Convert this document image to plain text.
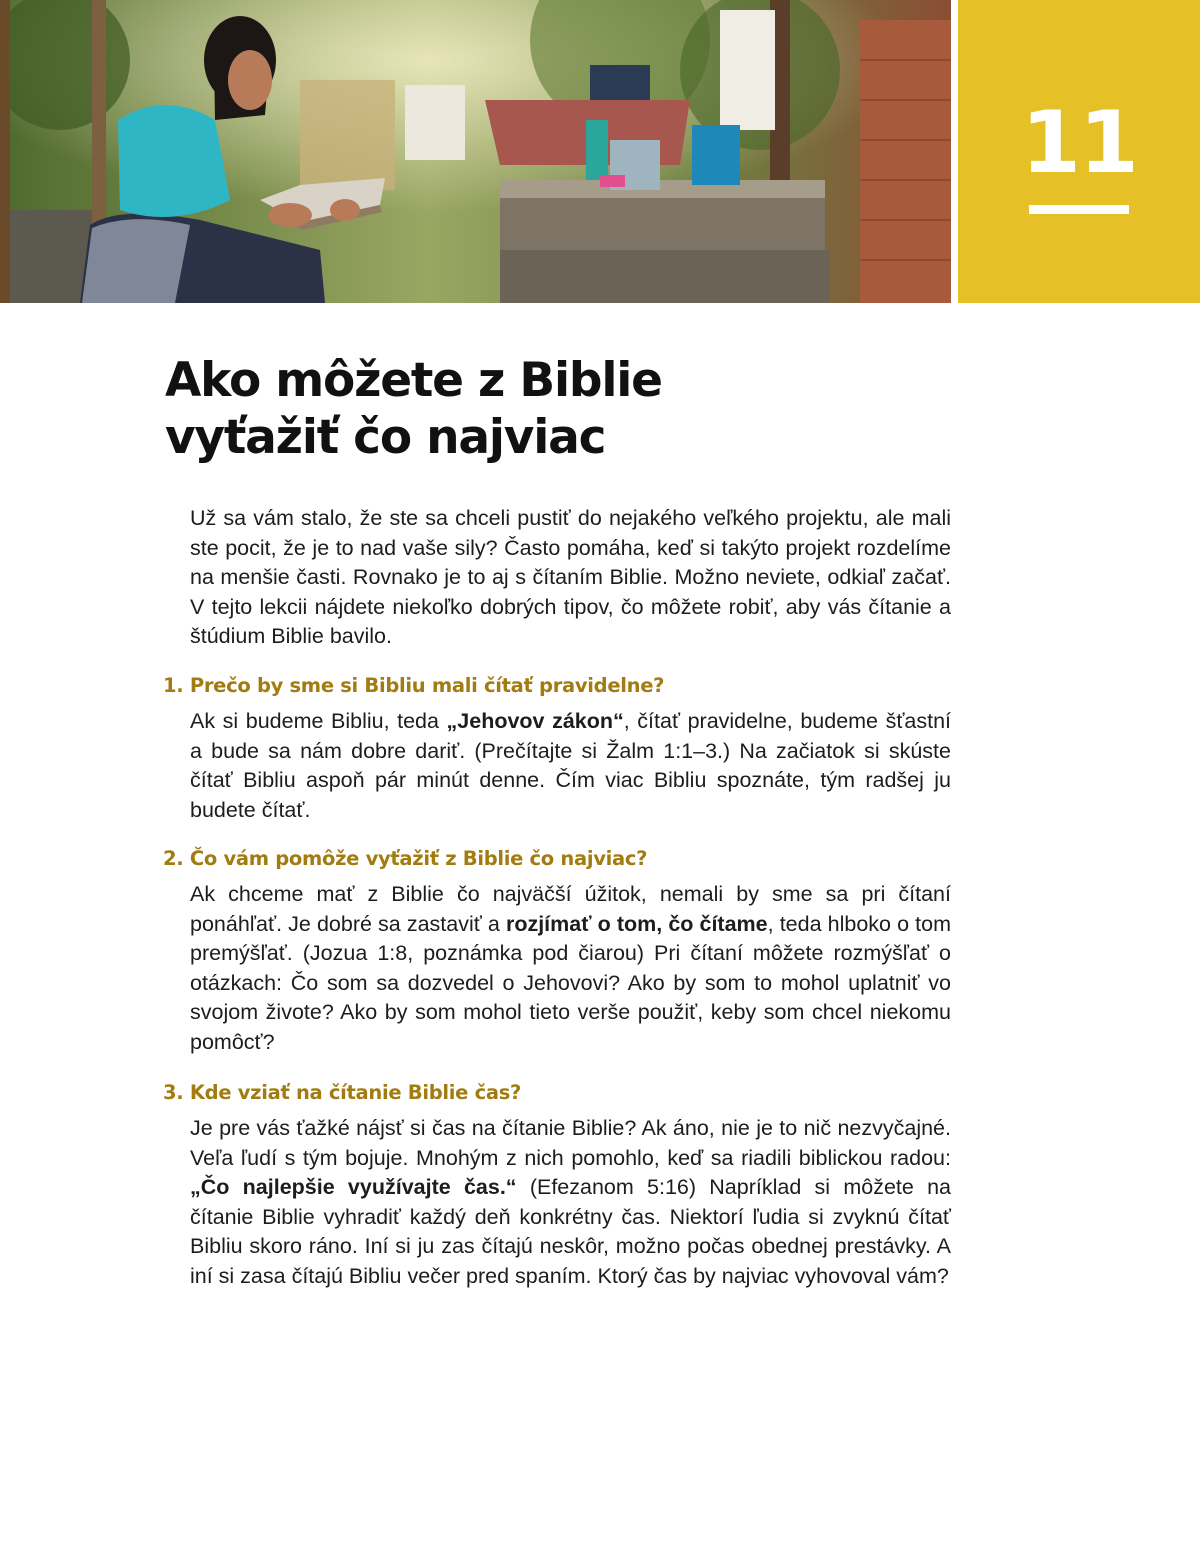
11
Ako môžete z Biblie
vyťažiť čo najviac

Už sa vám stalo, že ste sa chceli pustiť do nejakého veľkého projektu, ale mali ste pocit, že je to nad vaše sily? Často pomáha, keď si takýto projekt rozdelíme na menšie časti. Rovnako je to aj s čítaním Biblie. Možno neviete, odkiaľ začať. V tejto lekcii nájdete niekoľko dobrých tipov, čo môžete robiť, aby vás čítanie a štúdium Biblie bavilo.

1. Prečo by sme si Bibliu mali čítať pravidelne?

Ak si budeme Bibliu, teda „Jehovov zákon“, čítať pravidelne, budeme šťastní a bude sa nám dobre dariť. (Prečítajte si Žalm 1:1–3.) Na začiatok si skúste čítať Bibliu aspoň pár minút denne. Čím viac Bibliu spoznáte, tým radšej ju budete čítať.

2. Čo vám pomôže vyťažiť z Biblie čo najviac?

Ak chceme mať z Biblie čo najväčší úžitok, nemali by sme sa pri čítaní ponáhľať. Je dobré sa zastaviť a rozjímať o tom, čo čítame, teda hlboko o tom premýšľať. (Jozua 1:8, poznámka pod čiarou) Pri čítaní môžete rozmýšľať o otázkach: Čo som sa dozvedel o Jehovovi? Ako by som to mohol uplatniť vo svojom živote? Ako by som mohol tieto verše použiť, keby som chcel niekomu pomôcť?

3. Kde vziať na čítanie Biblie čas?

Je pre vás ťažké nájsť si čas na čítanie Biblie? Ak áno, nie je to nič nezvyčajné. Veľa ľudí s tým bojuje. Mnohým z nich pomohlo, keď sa riadili biblickou radou: „Čo najlepšie využívajte čas.“ (Efezanom 5:16) Napríklad si môžete na čítanie Biblie vyhradiť každý deň konkrétny čas. Niektorí ľudia si zvyknú čítať Bibliu skoro ráno. Iní si ju zas čítajú neskôr, možno počas obednej prestávky. A iní si zasa čítajú Bibliu večer pred spaním. Ktorý čas by najviac vyhovoval vám?
